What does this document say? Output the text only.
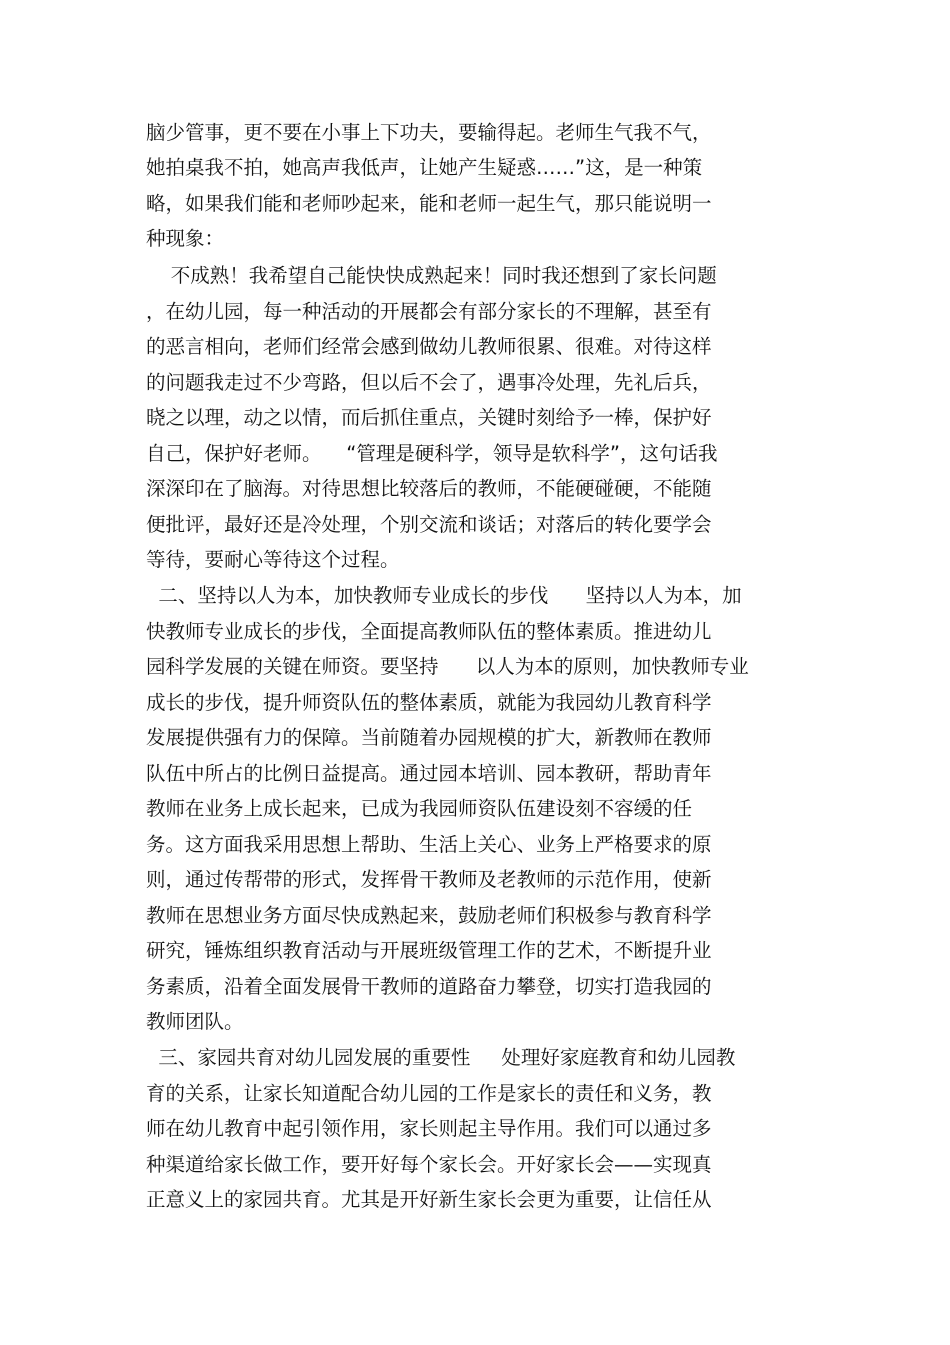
脑少管事，更不要在小事上下功夫，要输得起。老师生气我不气，
她拍桌我不拍，她高声我低声，让她产生疑惑……”这，是一种策
略，如果我们能和老师吵起来，能和老师一起生气，那只能说明一
种现象：
不成熟！我希望自己能快快成熟起来！同时我还想到了家长问题
，在幼儿园，每一种活动的开展都会有部分家长的不理解，甚至有
的恶言相向，老师们经常会感到做幼儿教师很累、很难。对待这样
的问题我走过不少弯路，但以后不会了，遇事冷处理，先礼后兵，
晓之以理，动之以情，而后抓住重点，关键时刻给予一棒，保护好
自己，保护好老师。    “管理是硬科学，领导是软科学”，这句话我
深深印在了脑海。对待思想比较落后的教师，不能硬碰硬，不能随
便批评，最好还是冷处理，个别交流和谈话；对落后的转化要学会
等待，要耐心等待这个过程。
二、坚持以人为本，加快教师专业成长的步伐      坚持以人为本，加
快教师专业成长的步伐，全面提高教师队伍的整体素质。推进幼儿
园科学发展的关键在师资。要坚持      以人为本的原则，加快教师专业
成长的步伐，提升师资队伍的整体素质，就能为我园幼儿教育科学
发展提供强有力的保障。当前随着办园规模的扩大，新教师在教师
队伍中所占的比例日益提高。通过园本培训、园本教研，帮助青年
教师在业务上成长起来，已成为我园师资队伍建设刻不容缓的任
务。这方面我采用思想上帮助、生活上关心、业务上严格要求的原
则，通过传帮带的形式，发挥骨干教师及老教师的示范作用，使新
教师在思想业务方面尽快成熟起来，鼓励老师们积极参与教育科学
研究，锤炼组织教育活动与开展班级管理工作的艺术，不断提升业
务素质，沿着全面发展骨干教师的道路奋力攀登，切实打造我园的
教师团队。
三、家园共育对幼儿园发展的重要性     处理好家庭教育和幼儿园教
育的关系，让家长知道配合幼儿园的工作是家长的责任和义务，教
师在幼儿教育中起引领作用，家长则起主导作用。我们可以通过多
种渠道给家长做工作，要开好每个家长会。开好家长会——实现真
正意义上的家园共育。尤其是开好新生家长会更为重要，让信任从
